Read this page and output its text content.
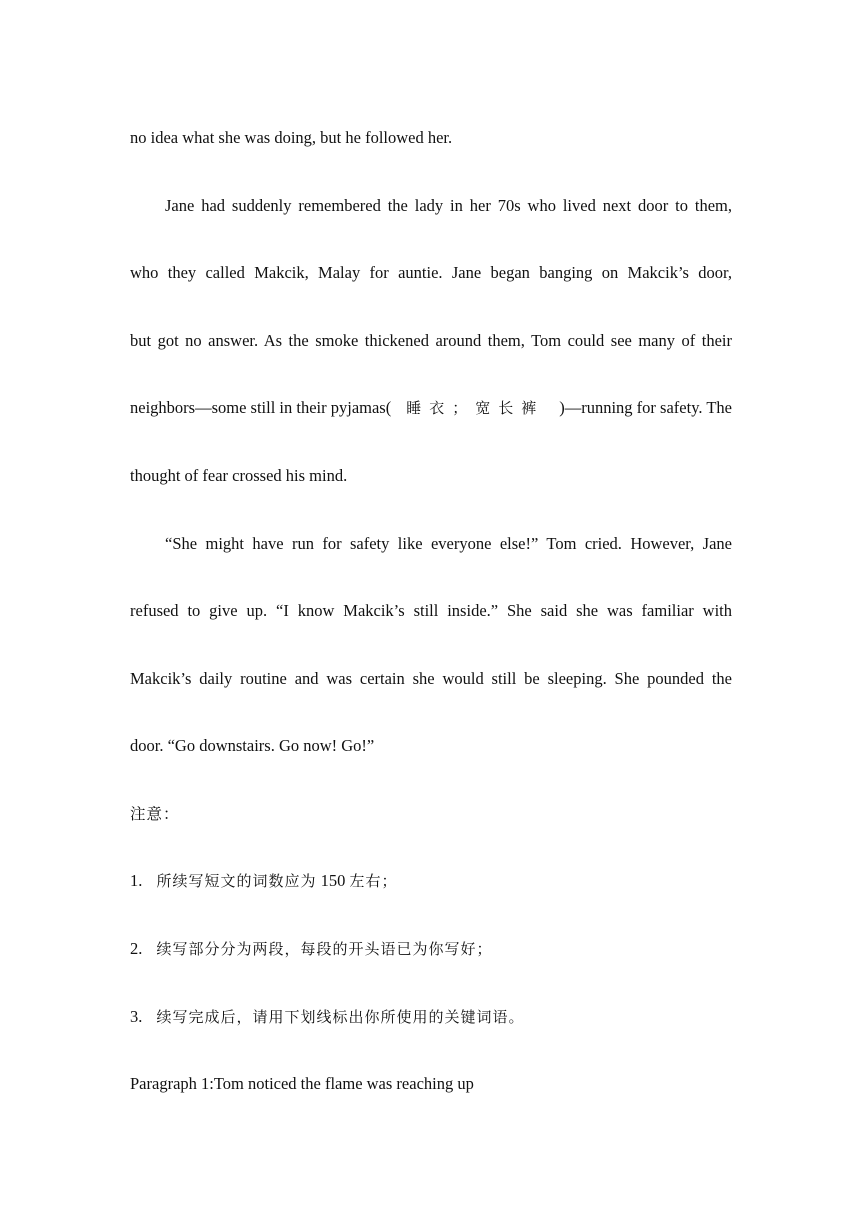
no idea what she was doing, but he followed her.
Jane had suddenly remembered the lady in her 70s who lived next door to them,
who they called Makcik, Malay for auntie. Jane began banging on Makcik’s door,
but got no answer. As the smoke thickened around them, Tom could see many of their
neighbors—some still in their pyjamas( 睡衣；宽长裤 )—running for safety. The
thought of fear crossed his mind.
“She might have run for safety like everyone else!” Tom cried. However, Jane
refused to give up. “I know Makcik’s still inside.” She said she was familiar with
Makcik’s daily routine and was certain she would still be sleeping. She pounded the
door. “Go downstairs. Go now! Go!”
注意：
1. 所续写短文的词数应为 150 左右；
2. 续写部分分为两段，每段的开头语已为你写好；
3. 续写完成后，请用下划线标出你所使用的关键词语。
Paragraph 1:Tom noticed the flame was reaching up
